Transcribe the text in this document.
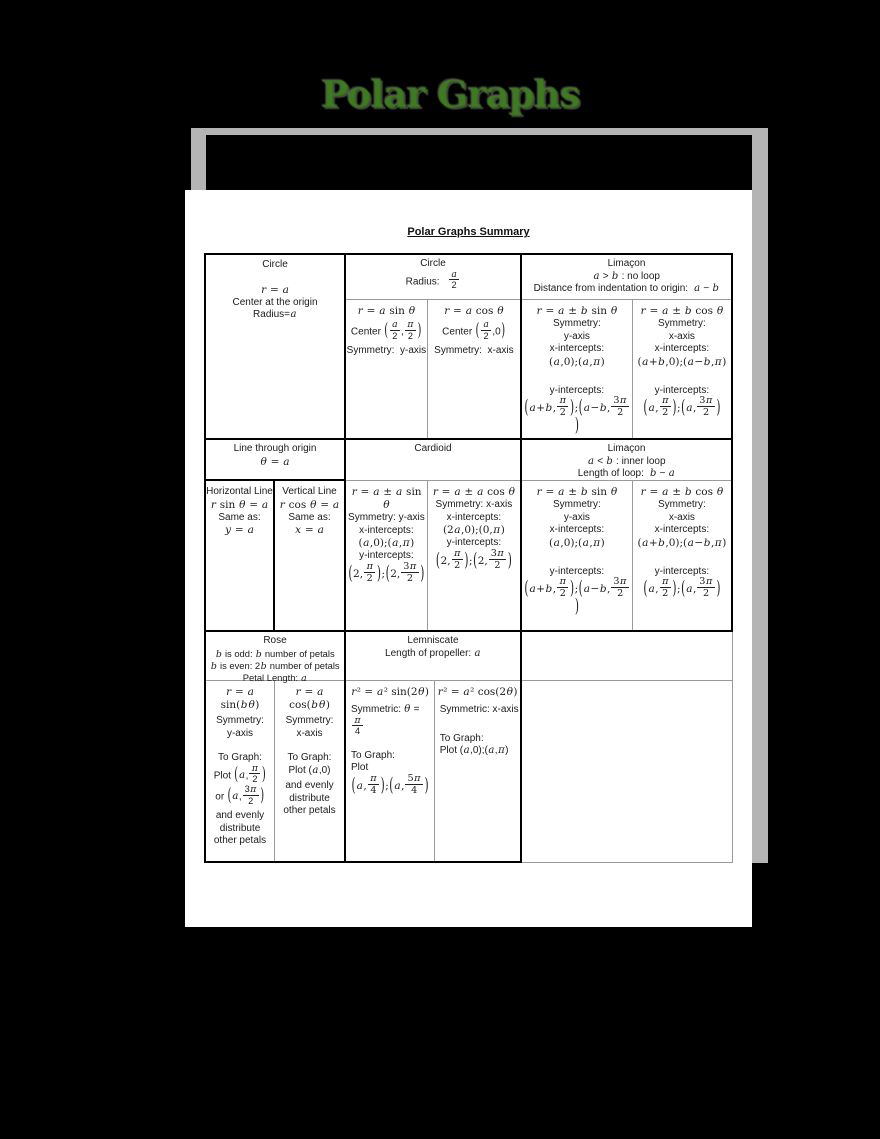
Polar Graphs
Polar Graphs Summary
Circle
r = a
Center at the origin
Radius=a
Circle
Radius: $\frac{a}{2}$
r = a sin θ
Center ( $\frac{a}{2}$ , $\frac{\pi}{2}$ )
Symmetry:  y-axis
r = a cos θ
Center ( $\frac{a}{2} ,0$)
Symmetry:  x-axis
Limaçon
a > b : no loop
Distance from indentation to origin:  a − b
r = a ± b sin θ
Symmetry:
y-axis
x-intercepts:
(a,0);(a,π)
y-intercepts:
(a+b, $\frac{\pi}{2}$ );(a−b, $\frac{3\pi}{2}$
)
r = a ± b cos θ
Symmetry:
x-axis
x-intercepts:
(a+b,0);(a−b,π)
y-intercepts:
(a, $\frac{\pi}{2}$ );(a, $\frac{3\pi}{2}$ )
Line through origin
θ = a
Horizontal Line
r sin θ = a
Same as:
y = a
Vertical Line
r cos θ = a
Same as:
x = a
Cardioid
r = a ± a sin θ
Symmetry: y-axis
x-intercepts:
(a,0);(a,π)
y-intercepts:
(2, $\frac{\pi}{2}$ );(2, $\frac{3\pi}{2}$ )
r = a ± a cos θ
Symmetry: x-axis
x-intercepts:
(2a,0);(0,π)
y-intercepts:
(2, $\frac{\pi}{2}$ );(2, $\frac{3\pi}{2}$ )
Limaçon
a < b : inner loop
Length of loop:  b − a
r = a ± b sin θ
Symmetry:
y-axis
x-intercepts:
(a,0);(a,π)
y-intercepts:
(a+b, $\frac{\pi}{2}$ );(a−b, $\frac{3\pi}{2}$
)
r = a ± b cos θ
Symmetry:
x-axis
x-intercepts:
(a+b,0);(a−b,π)
y-intercepts:
(a, $\frac{\pi}{2}$ );(a, $\frac{3\pi}{2}$ )
Rose
b is odd: b number of petals
b is even: 2b number of petals
Petal Length: a
r = a sin(bθ)
Symmetry:
y-axis
To Graph:
Plot (a, $\frac{\pi}{2}$ )
or (a, $\frac{3\pi}{2}$ )
and evenly
distribute
other petals
r = a cos(bθ)
Symmetry:
x-axis
To Graph:
Plot (a,0)
and evenly
distribute
other petals
Lemniscate
Length of propeller: a
r² = a² sin(2θ)
Symmetric: θ =
$\frac{\pi}{4}$
To Graph:
Plot
(a, $\frac{\pi}{4}$ );(a, $\frac{5\pi}{4}$ )
r² = a² cos(2θ)
Symmetric: x-axis
To Graph:
Plot (a,0);(a,π)
